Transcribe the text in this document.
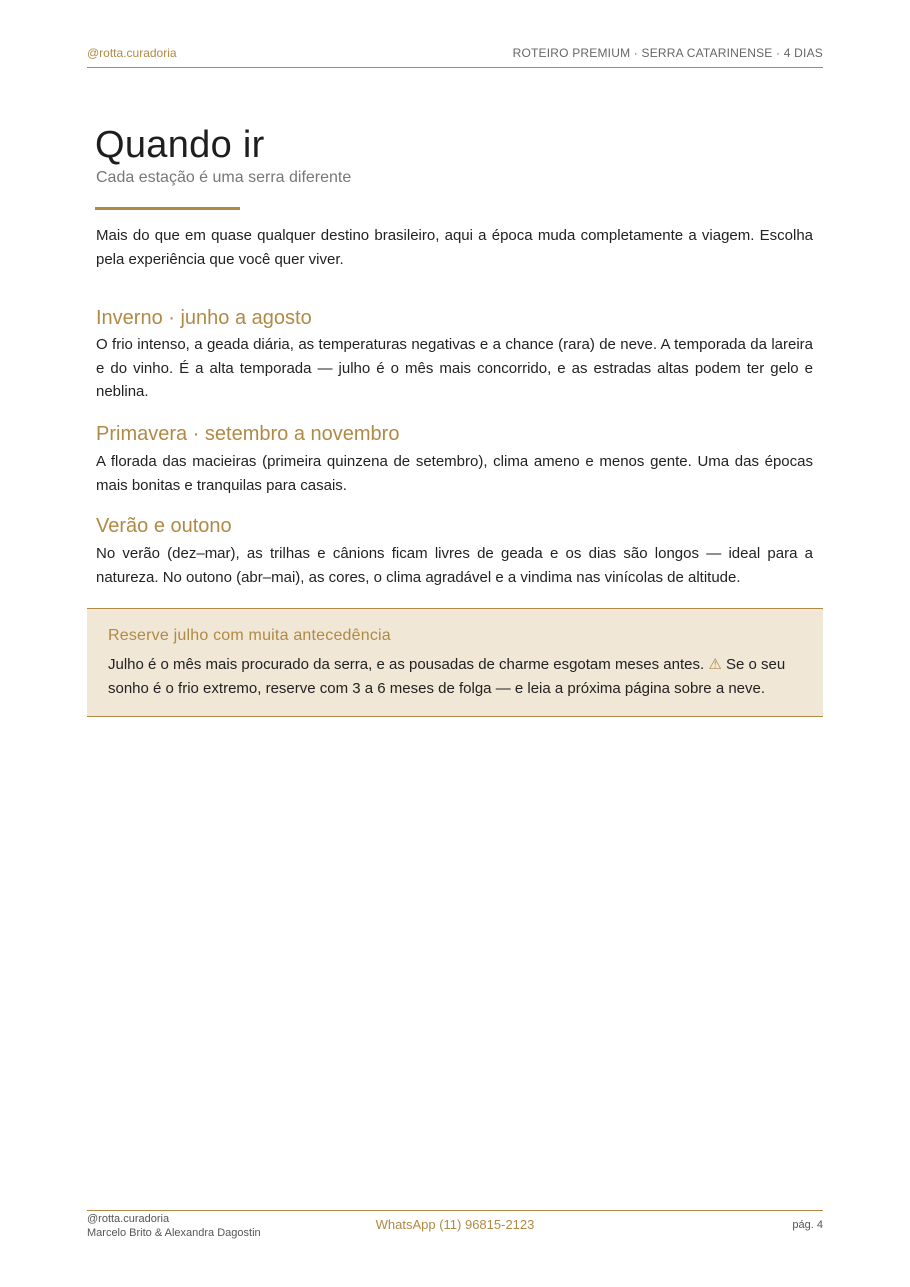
@rotta.curadoria	ROTEIRO PREMIUM · SERRA CATARINENSE · 4 DIAS
Quando ir
Cada estação é uma serra diferente

Mais do que em quase qualquer destino brasileiro, aqui a época muda completamente a viagem. Escolha pela experiência que você quer viver.

Inverno · junho a agosto

O frio intenso, a geada diária, as temperaturas negativas e a chance (rara) de neve. A temporada da lareira e do vinho. É a alta temporada — julho é o mês mais concorrido, e as estradas altas podem ter gelo e neblina.

Primavera · setembro a novembro

A florada das macieiras (primeira quinzena de setembro), clima ameno e menos gente. Uma das épocas mais bonitas e tranquilas para casais.

Verão e outono

No verão (dez–mar), as trilhas e cânions ficam livres de geada e os dias são longos — ideal para a natureza. No outono (abr–mai), as cores, o clima agradável e a vindima nas vinícolas de altitude.

Reserve julho com muita antecedência

Julho é o mês mais procurado da serra, e as pousadas de charme esgotam meses antes. ⚠ Se o seu sonho é o frio extremo, reserve com 3 a 6 meses de folga — e leia a próxima página sobre a neve.

@rotta.curadoria
Marcelo Brito & Alexandra Dagostin
WhatsApp (11) 96815-2123	pág. 4
